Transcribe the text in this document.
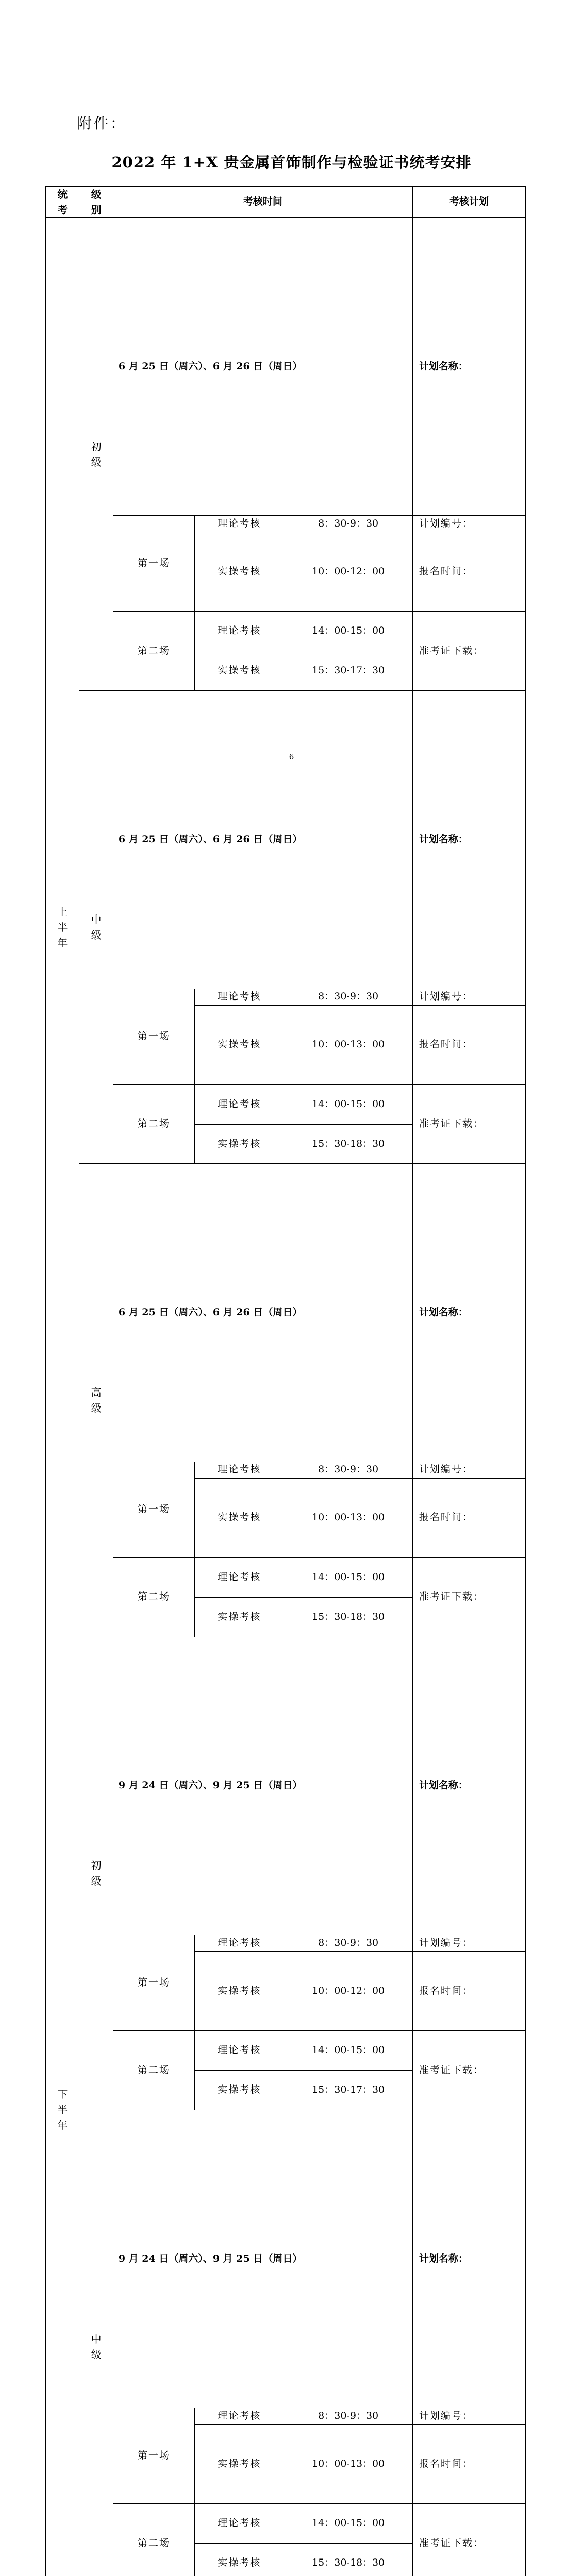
附件：
2022 年 1+X 贵金属首饰制作与检验证书统考安排
统考	级别	考核时间			考核计划	
上半年	初级	6 月 25 日（周六）、6 月 26 日（周日）			计划名称：	

		第一场	理论考核	8：30-9：30	计划编号：	
			实操考核	10：00-12：00	报名时间：	
		第二场	理论考核	14：00-15：00	准考证下载：	
			实操考核	15：30-17：30		
	中级	6 月 25 日（周六）、6 月 26 日（周日）			计划名称：	

		第一场	理论考核	8：30-9：30	计划编号：	
			实操考核	10：00-13：00	报名时间：	
		第二场	理论考核	14：00-15：00	准考证下载：	
			实操考核	15：30-18：30		
	高级	6 月 25 日（周六）、6 月 26 日（周日）			计划名称：	

		第一场	理论考核	8：30-9：30	计划编号：	
			实操考核	10：00-13：00	报名时间：	
		第二场	理论考核	14：00-15：00	准考证下载：	
			实操考核	15：30-18：30		
下半年	初级	9 月 24 日（周六）、9 月 25 日（周日）			计划名称：	

		第一场	理论考核	8：30-9：30	计划编号：	
			实操考核	10：00-12：00	报名时间：	
		第二场	理论考核	14：00-15：00	准考证下载：	
			实操考核	15：30-17：30		
	中级	9 月 24 日（周六）、9 月 25 日（周日）			计划名称：	

		第一场	理论考核	8：30-9：30	计划编号：	
			实操考核	10：00-13：00	报名时间：	
		第二场	理论考核	14：00-15：00	准考证下载：	
			实操考核	15：30-18：30		
6
